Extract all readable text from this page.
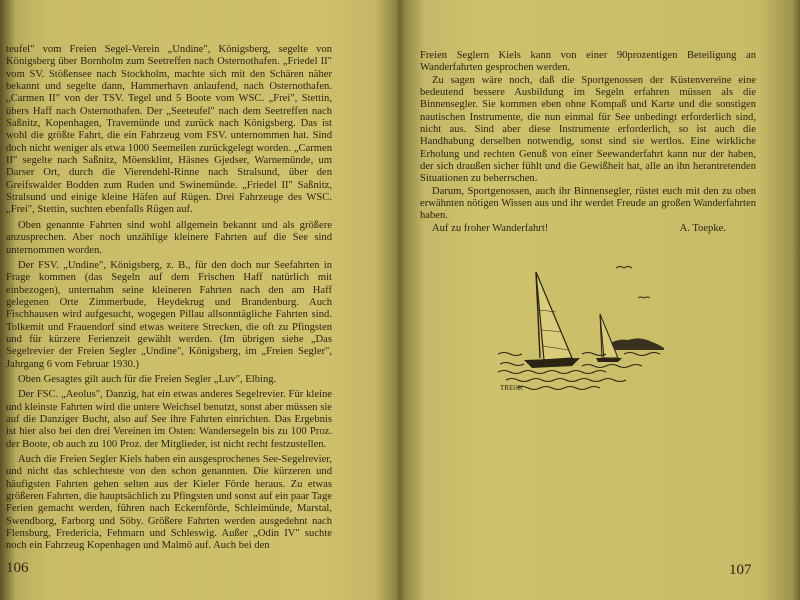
teufel" vom Freien Segel-Verein „Undine", Königsberg, segelte von Königsberg über Bornholm zum Seetreffen nach Osternothafen. „Friedel II" vom SV. Stößensee nach Stockholm, machte sich mit den Schären näher bekannt und segelte dann, Hammerhavn anlaufend, nach Osternothafen. „Carmen II" von der TSV. Tegel und 5 Boote vom WSC. „Frei", Stettin, übers Haff nach Osternothafen. Der „Seeteufel" nach dem Seetreffen nach Saßnitz, Kopenhagen, Travemünde und zurück nach Königsberg. Das ist wohl die größte Fahrt, die ein Fahrzeug vom FSV. unternommen hat. Sind doch nicht weniger als etwa 1000 Seemeilen zurückgelegt worden. „Carmen II" segelte nach Saßnitz, Möensklint, Häsnes Gjedser, Warnemünde, um Darser Ort, durch die Vierendehl-Rinne nach Stralsund, über den Greifswalder Bodden zum Ruden und Swinemünde. „Friedel II" Saßnitz, Stralsund und einige kleine Häfen auf Rügen. Drei Fahrzeuge des WSC. „Frei", Stettin, suchten ebenfalls Rügen auf.

Oben genannte Fahrten sind wohl allgemein bekannt und als größere anzusprechen. Aber noch unzählige kleinere Fahrten auf die See sind unternommen worden.

Der FSV. „Undine", Königsberg, z. B., für den doch nur Seefahrten in Frage kommen (das Segeln auf dem Frischen Haff natürlich mit einbezogen), unternahm seine kleineren Fahrten nach den am Haff gelegenen Orte Zimmerbude, Heydekrug und Brandenburg. Auch Fischhausen wird aufgesucht, wogegen Pillau allsonntägliche Fahrten sind. Tolkemit und Frauendorf sind etwas weitere Strecken, die oft zu Pfingsten und für kürzere Ferienzeit gewählt werden. (Im übrigen siehe „Das Segelrevier der Freien Segler „Undine", Königsberg, im „Freien Segler", Jahrgang 6 vom Februar 1930.)

Oben Gesagtes gilt auch für die Freien Segler „Luv", Elbing.

Der FSC. „Aeolus", Danzig, hat ein etwas anderes Segelrevier. Für kleine und kleinste Fahrten wird die untere Weichsel benutzt, sonst aber müssen sie auf die Danziger Bucht, also auf See ihre Fahrten einrichten. Das Ergebnis ist hier also bei den drei Vereinen im Osten: Wandersegeln bis zu 100 Proz. der Boote, ob auch zu 100 Proz. der Mitglieder, ist nicht recht festzustellen.

Auch die Freien Segler Kiels haben ein ausgesprochenes See-Segelrevier, und nicht das schlechteste von den schon genannten. Die kürzeren und häufigsten Fahrten gehen selten aus der Kieler Förde heraus. Zu etwas größeren Fahrten, die hauptsächlich zu Pfingsten und sonst auf ein paar Tage Ferien gemacht werden, führen nach Eckernförde, Schleimünde, Marstal, Swendborg, Farborg und Söby. Größere Fahrten werden ausgedehnt nach Flensburg, Fredericia, Fehmarn und Schleswig. Außer „Odin IV" suchte noch ein Fahrzeug Kopenhagen und Malmö auf. Auch bei den

106

Freien Seglern Kiels kann von einer 90prozentigen Beteiligung an Wanderfahrten gesprochen werden.

Zu sagen wäre noch, daß die Sportgenossen der Küstenvereine eine bedeutend bessere Ausbildung im Segeln erfahren müssen als die Binnensegler. Sie kommen eben ohne Kompaß und Karte und die sonstigen nautischen Instrumente, die nun einmal für See unbedingt erforderlich sind, nicht aus. Sind aber diese Instrumente erforderlich, so ist auch die Handhabung derselben notwendig, sonst sind sie wertlos. Eine wirkliche Erholung und rechten Genuß von einer Seewanderfahrt kann nur der haben, der sich draußen sicher fühlt und die Gewißheit hat, alle an ihn herantretenden Situationen zu beherrschen.

Darum, Sportgenossen, auch ihr Binnensegler, rüstet euch mit den zu oben erwähnten nötigen Wissen aus und ihr werdet Freude an großen Wanderfahrten haben.

Auf zu froher Wanderfahrt!	A. Toepke.
TRECK
107
